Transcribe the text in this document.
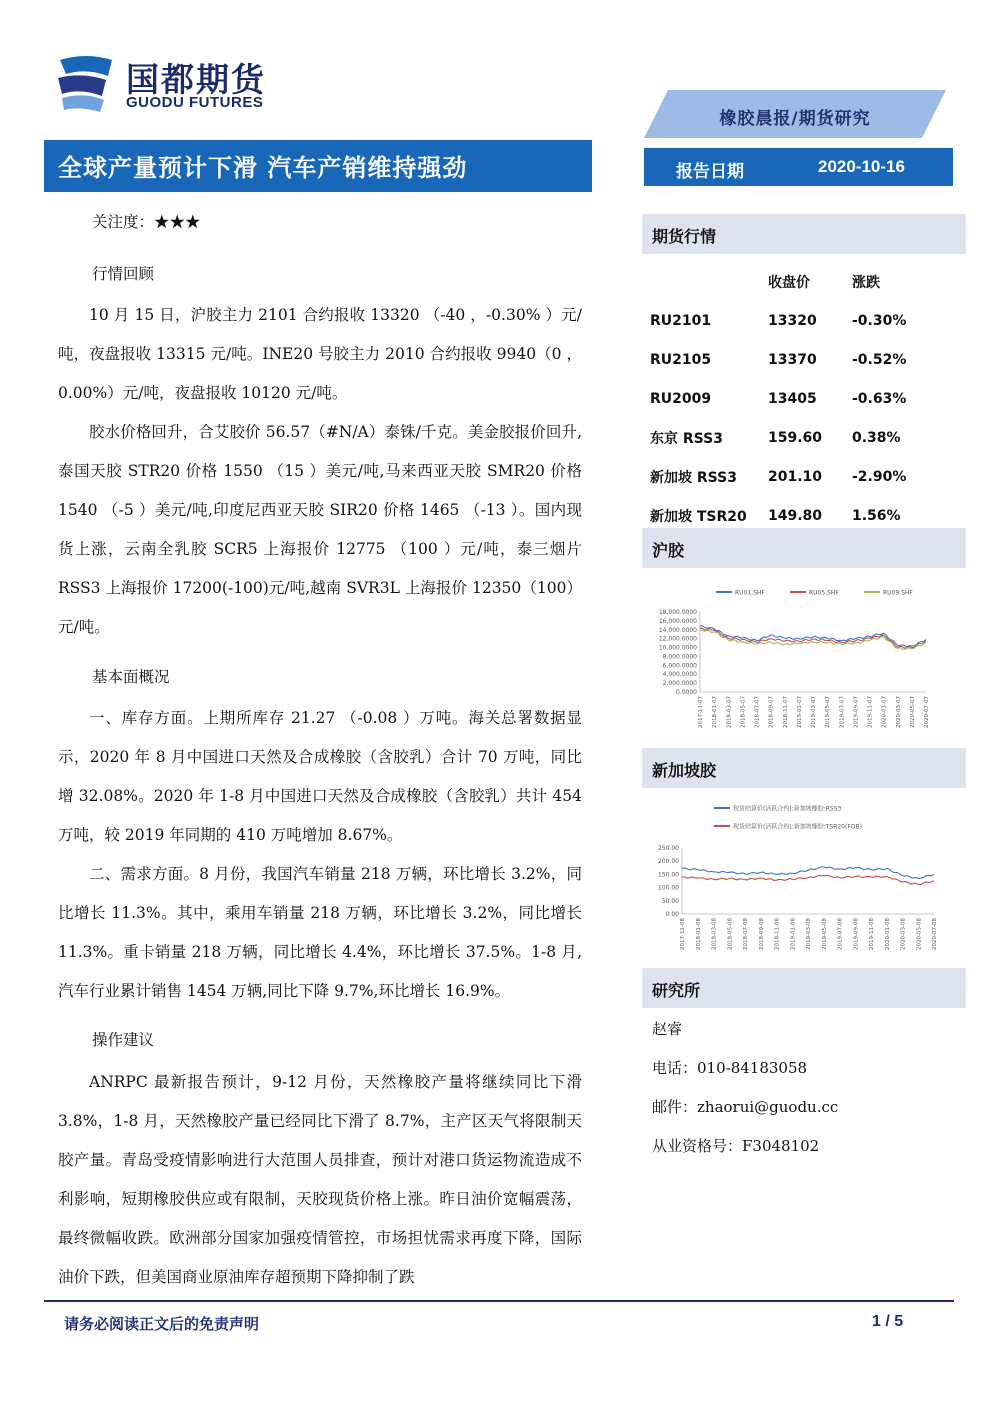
国都期货
GUODU FUTURES
橡胶晨报/期货研究
全球产量预计下滑 汽车产销维持强劲	报告日期	2020-10-16
关注度：★★★
行情回顾

10 月 15 日，沪胶主力 2101 合约报收 13320 （-40 ，-0.30% ）元/吨，夜盘报收 13315 元/吨。INE20 号胶主力 2010 合约报收 9940（0 ，0.00%）元/吨，夜盘报收 10120 元/吨。

胶水价格回升，合艾胶价 56.57（#N/A）泰铢/千克。美金胶报价回升,泰国天胶 STR20 价格 1550 （15 ）美元/吨,马来西亚天胶 SMR20 价格 1540 （-5 ）美元/吨,印度尼西亚天胶 SIR20 价格 1465 （-13 ）。国内现货上涨，云南全乳胶 SCR5 上海报价 12775 （100 ）元/吨，泰三烟片 RSS3 上海报价 17200(-100)元/吨,越南 SVR3L 上海报价 12350（100） 元/吨。

基本面概况

一、库存方面。上期所库存 21.27 （-0.08 ）万吨。海关总署数据显示，2020 年 8 月中国进口天然及合成橡胶（含胶乳）合计 70 万吨，同比增 32.08%。2020 年 1-8 月中国进口天然及合成橡胶（含胶乳）共计 454 万吨，较 2019 年同期的 410 万吨增加 8.67%。

二、需求方面。8 月份，我国汽车销量 218 万辆，环比增长 3.2%，同比增长 11.3%。其中，乘用车销量 218 万辆，环比增长 3.2%，同比增长 11.3%。重卡销量 218 万辆，同比增长 4.4%，环比增长 37.5%。1-8 月,汽车行业累计销售 1454 万辆,同比下降 9.7%,环比增长 16.9%。

操作建议

ANRPC 最新报告预计，9-12 月份，天然橡胶产量将继续同比下滑 3.8%，1-8 月，天然橡胶产量已经同比下滑了 8.7%，主产区天气将限制天胶产量。青岛受疫情影响进行大范围人员排查，预计对港口货运物流造成不利影响，短期橡胶供应或有限制，天胶现货价格上涨。昨日油价宽幅震荡，最终微幅收跌。欧洲部分国家加强疫情管控，市场担忧需求再度下降，国际油价下跌，但美国商业原油库存超预期下降抑制了跌

期货行情
	收盘价	涨跌
RU2101	13320	-0.30%
RU2105	13370	-0.52%
RU2009	13405	-0.63%
东京 RSS3	159.60	0.38%
新加坡 RSS3	201.10	-2.90%
新加坡 TSR20	149.80	1.56%
沪胶
RU01.SHF	RU05.SHF	RU09.SHF
18,000.0000
16,000.0000
14,000.0000
12,000.0000
10,000.0000
8,000.0000
6,000.0000
4,000.0000
2,000.0000
0.0000
2017-11-07 2018-01-07 2018-03-07 2018-05-07 2018-07-07 2018-09-07 2018-11-07 2019-01-07 2019-03-07 2019-05-07 2019-07-07 2019-09-07 2019-11-07 2020-01-07 2020-03-07 2020-05-07 2020-07-07
新加坡胶
现货结算价(活跃合约):新加坡橡胶:RSS3
现货结算价(活跃合约):新加坡橡胶:TSR20(FOB)
250.00
200.00
150.00
100.00
50.00
0.00
2017-11-08 2018-01-08 2018-03-08 2018-05-08 2018-07-08 2018-09-08 2018-11-08 2019-01-08 2019-03-08 2019-05-08 2019-07-08 2019-09-08 2019-11-08 2020-01-08 2020-03-08 2020-05-08 2020-07-08
研究所
赵睿
电话：010-84183058
邮件：zhaorui@guodu.cc
从业资格号：F3048102
请务必阅读正文后的免责声明	1 / 5
